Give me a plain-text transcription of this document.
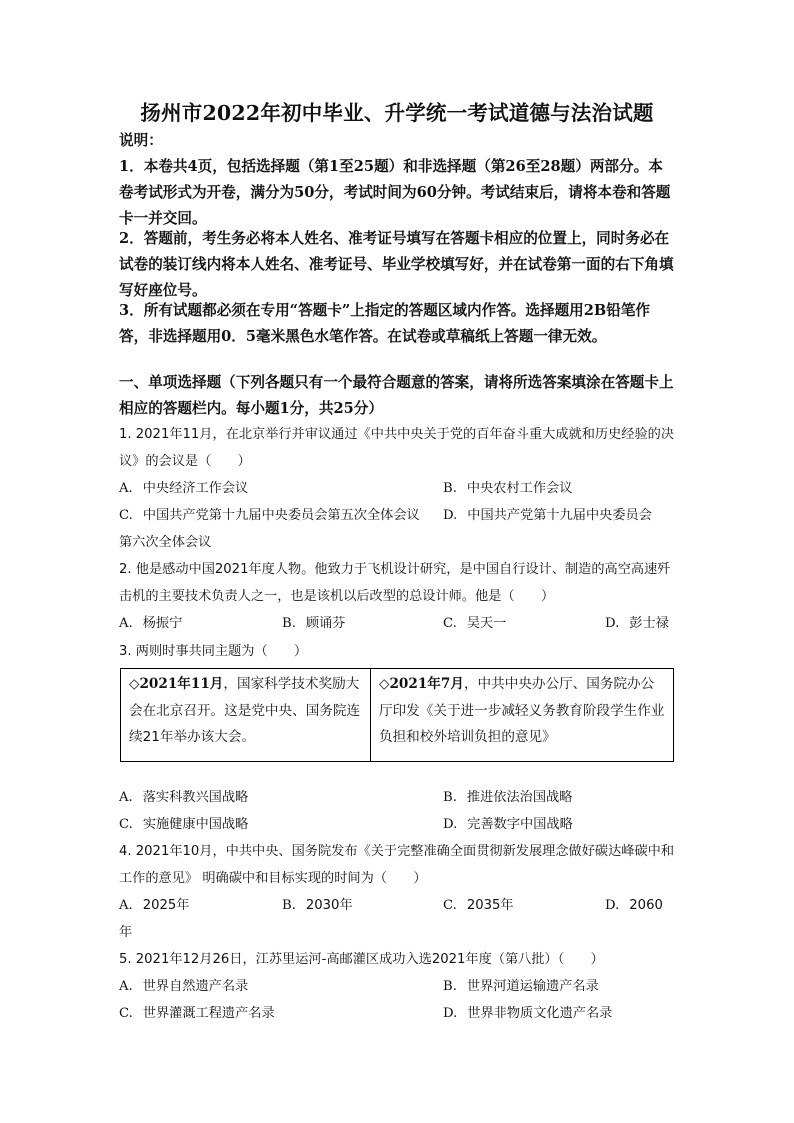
扬州市2022年初中毕业、升学统一考试道德与法治试题
说明：
1．本卷共4页，包括选择题（第1至25题）和非选择题（第26至28题）两部分。本卷考试形式为开卷，满分为50分，考试时间为60分钟。考试结束后，请将本卷和答题卡一并交回。
2．答题前，考生务必将本人姓名、准考证号填写在答题卡相应的位置上，同时务必在试卷的装订线内将本人姓名、准考证号、毕业学校填写好，并在试卷第一面的右下角填写好座位号。
3．所有试题都必须在专用“答题卡”上指定的答题区域内作答。选择题用2B铅笔作答，非选择题用0．5毫米黑色水笔作答。在试卷或草稿纸上答题一律无效。
一、单项选择题（下列各题只有一个最符合题意的答案，请将所选答案填涂在答题卡上相应的答题栏内。每小题1分，共25分）
1. 2021年11月，在北京举行并审议通过《中共中央关于党的百年奋斗重大成就和历史经验的决议》的会议是（　　）
A. 中央经济工作会议	B. 中央农村工作会议
C. 中国共产党第十九届中央委员会第五次全体会议 D. 中国共产党第十九届中央委员会
第六次全体会议
2. 他是感动中国2021年度人物。他致力于飞机设计研究，是中国自行设计、制造的高空高速歼击机的主要技术负责人之一，也是该机以后改型的总设计师。他是（　　）
A. 杨振宁	B. 顾诵芬	C. 吴天一	D. 彭士禄
3. 两则时事共同主题为（　　）
◇2021年11月，国家科学技术奖励大会在北京召开。这是党中央、国务院连续21年举办该大会。
◇2021年7月，中共中央办公厅、国务院办公厅印发《关于进一步减轻义务教育阶段学生作业负担和校外培训负担的意见》
A. 落实科教兴国战略	B. 推进依法治国战略
C. 实施健康中国战略	D. 完善数字中国战略
4. 2021年10月，中共中央、国务院发布《关于完整准确全面贯彻新发展理念做好碳达峰碳中和工作的意见》 明确碳中和目标实现的时间为（　　）
A. 2025年	B. 2030年	C. 2035年	D. 2060
年
5. 2021年12月26日，江苏里运河-高邮灌区成功入选2021年度（第八批）（　　）
A. 世界自然遗产名录	B. 世界河道运输遗产名录
C. 世界灌溉工程遗产名录	D. 世界非物质文化遗产名录
